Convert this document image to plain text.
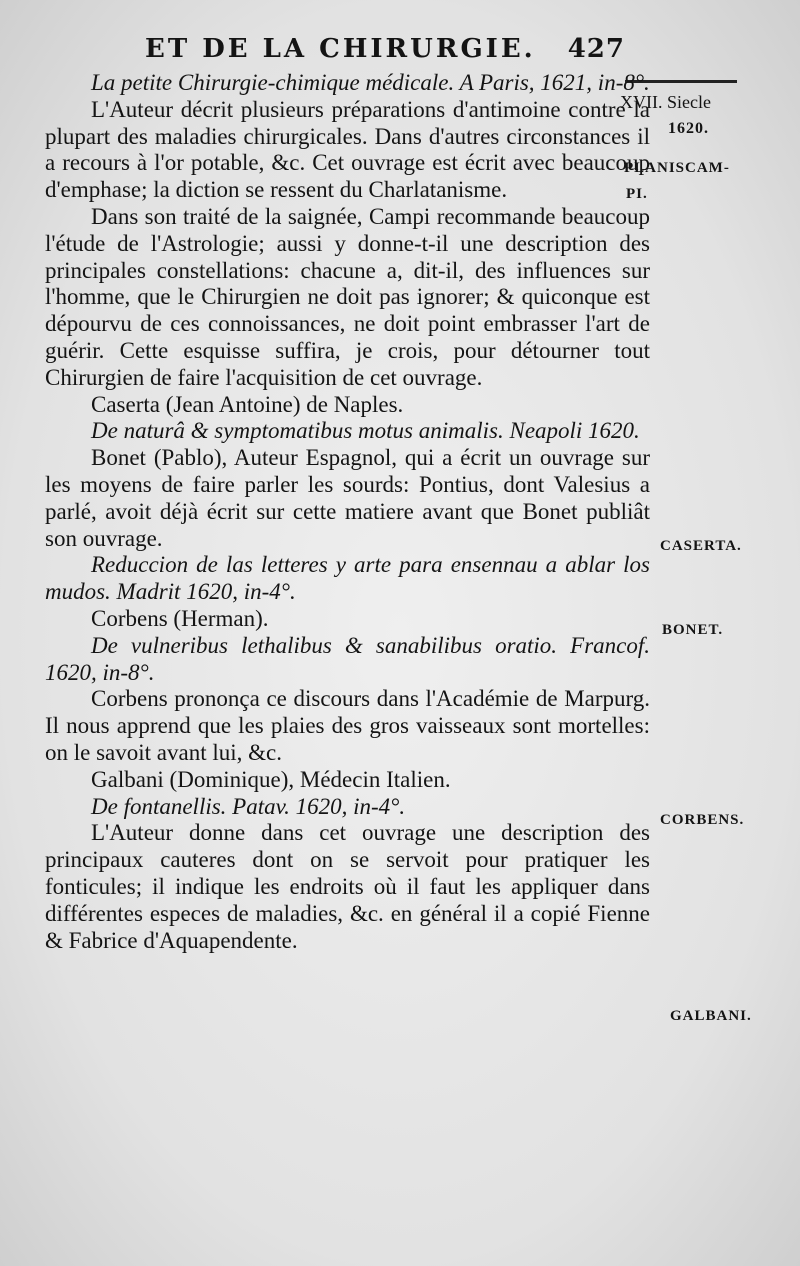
ET DE LA CHIRURGIE. 427
XVII. Siecle
1620.
PLANISCAM-
PI.
CASERTA.
BONET.
CORBENS.
GALBANI.

La petite Chirurgie-chimique médicale. A Paris, 1621, in-8°.

L'Auteur décrit plusieurs préparations d'antimoine contre la plupart des maladies chirurgicales. Dans d'autres circonstances il a recours à l'or potable, &c. Cet ouvrage est écrit avec beaucoup d'emphase; la diction se ressent du Charlatanisme.

Dans son traité de la saignée, Campi recommande beaucoup l'étude de l'Astrologie; aussi y donne-t-il une description des principales constellations: chacune a, dit-il, des influences sur l'homme, que le Chirurgien ne doit pas ignorer; & quiconque est dépourvu de ces connoissances, ne doit point embrasser l'art de guérir. Cette esquisse suffira, je crois, pour détourner tout Chirurgien de faire l'acquisition de cet ouvrage.

Caserta (Jean Antoine) de Naples.

De naturâ & symptomatibus motus animalis. Neapoli 1620.

Bonet (Pablo), Auteur Espagnol, qui a écrit un ouvrage sur les moyens de faire parler les sourds: Pontius, dont Valesius a parlé, avoit déjà écrit sur cette matiere avant que Bonet publiât son ouvrage.

Reduccion de las letteres y arte para ensennau a ablar los mudos. Madrit 1620, in-4°.

Corbens (Herman).

De vulneribus lethalibus & sanabilibus oratio. Francof. 1620, in-8°.

Corbens prononça ce discours dans l'Académie de Marpurg. Il nous apprend que les plaies des gros vaisseaux sont mortelles: on le savoit avant lui, &c.

Galbani (Dominique), Médecin Italien.

De fontanellis. Patav. 1620, in-4°.

L'Auteur donne dans cet ouvrage une description des principaux cauteres dont on se servoit pour pratiquer les fonticules; il indique les endroits où il faut les appliquer dans différentes especes de maladies, &c. en général il a copié Fienne & Fabrice d'Aquapendente.
